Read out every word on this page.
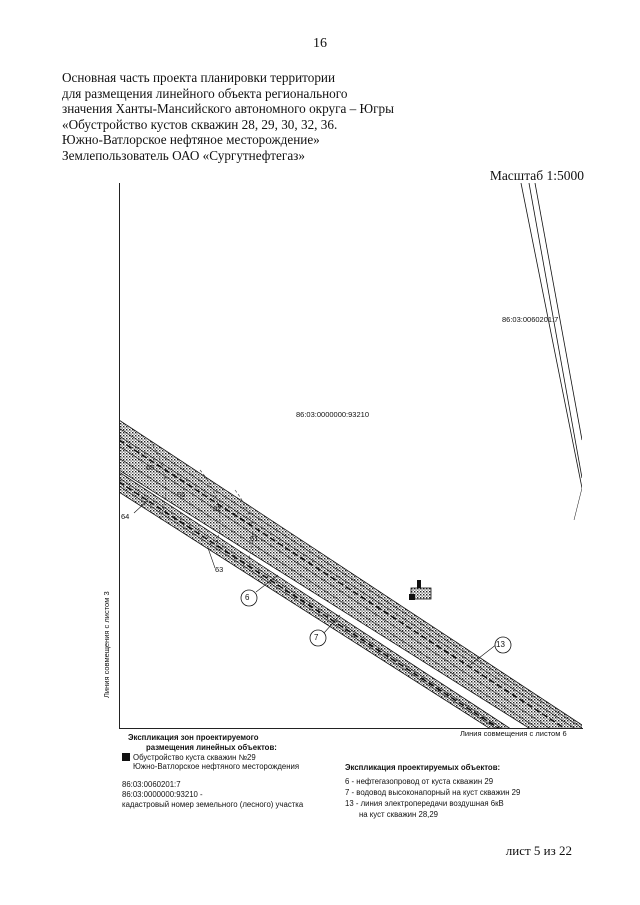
16
Основная часть проекта планировки территории
для размещения линейного объекта регионального
значения Ханты-Мансийского автономного округа – Югры
«Обустройство кустов скважин 28, 29, 30, 32, 36.
Южно-Ватлорское нефтяное месторождение»
Землепользователь ОАО «Сургутнефтегаз»
Масштаб 1:5000
86:03:0060201:7
86:03:0000000:93210
64
63
66
65
62
61
6
7
13
Линия совмещения с листом 3
Линия совмещения с листом 6
Экспликация зон проектируемого
размещения линейных объектов:
Обустройство куста скважин №29
Южно-Ватлорское нефтяного месторождения
86:03:0060201:7
86:03:0000000:93210 -
кадастровый номер земельного (лесного) участка
Экспликация проектируемых объектов:
6 - нефтегазопровод от куста скважин 29
7 - водовод высоконапорный на куст скважин 29
13 - линия электропередачи воздушная 6кВ
на куст скважин 28,29
лист 5 из 22
